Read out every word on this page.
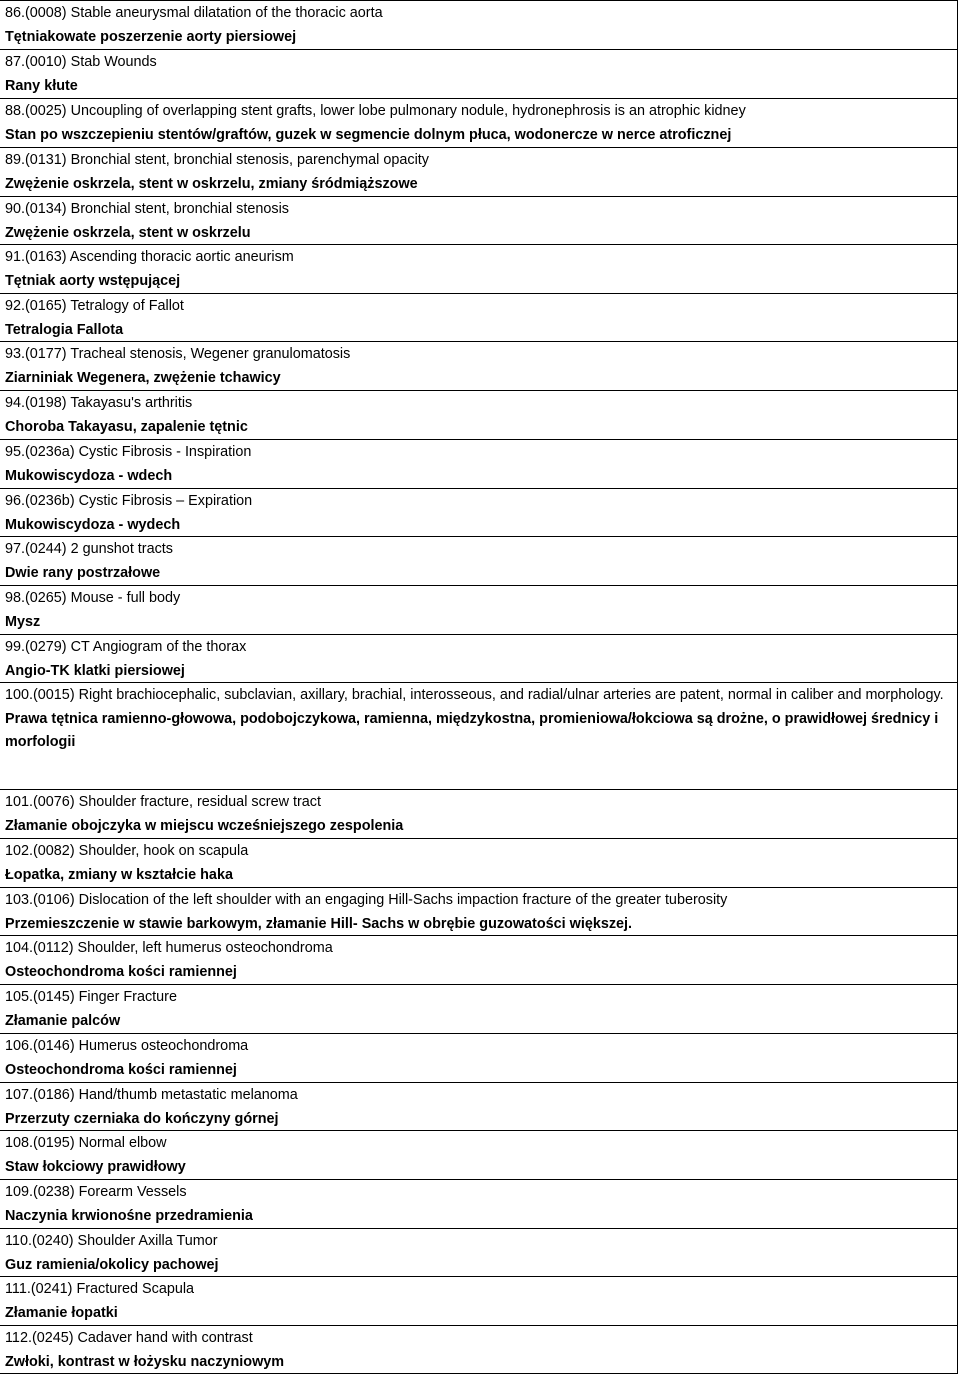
86.(0008) Stable aneurysmal dilatation of the thoracic aorta
Tętniakowate poszerzenie aorty piersiowej
87.(0010) Stab Wounds
Rany kłute
88.(0025) Uncoupling of overlapping stent grafts, lower lobe pulmonary nodule, hydronephrosis is an atrophic kidney
Stan po wszczepieniu stentów/graftów, guzek w segmencie dolnym płuca, wodonercze w nerce atroficznej
89.(0131) Bronchial stent, bronchial stenosis, parenchymal opacity
Zwężenie oskrzela, stent w oskrzelu, zmiany śródmiąższowe
90.(0134) Bronchial stent, bronchial stenosis
Zwężenie oskrzela, stent w oskrzelu
91.(0163) Ascending thoracic aortic aneurism
Tętniak aorty wstępującej
92.(0165) Tetralogy of Fallot
Tetralogia Fallota
93.(0177) Tracheal stenosis, Wegener granulomatosis
Ziarniniak Wegenera, zwężenie tchawicy
94.(0198) Takayasu's arthritis
Choroba Takayasu, zapalenie tętnic
95.(0236a) Cystic Fibrosis - Inspiration
Mukowiscydoza - wdech
96.(0236b) Cystic Fibrosis – Expiration
Mukowiscydoza - wydech
97.(0244) 2 gunshot tracts
Dwie rany postrzałowe
98.(0265) Mouse - full body
Mysz
99.(0279) CT Angiogram of the thorax
Angio-TK klatki piersiowej
100.(0015) Right brachiocephalic, subclavian, axillary, brachial, interosseous, and radial/ulnar arteries are patent, normal in caliber and morphology.
Prawa tętnica ramienno-głowowa, podobojczykowa, ramienna, międzykostna, promieniowa/łokciowa są drożne, o prawidłowej średnicy i morfologii
101.(0076) Shoulder fracture, residual screw tract
Złamanie obojczyka w miejscu wcześniejszego zespolenia
102.(0082) Shoulder, hook on scapula
Łopatka, zmiany w kształcie haka
103.(0106) Dislocation of the left shoulder with an engaging Hill-Sachs impaction fracture of the greater tuberosity
Przemieszczenie w stawie barkowym, złamanie Hill- Sachs w obrębie guzowatości większej.
104.(0112) Shoulder, left humerus osteochondroma
Osteochondroma kości ramiennej
105.(0145) Finger Fracture
Złamanie palców
106.(0146) Humerus osteochondroma
Osteochondroma kości ramiennej
107.(0186) Hand/thumb metastatic melanoma
Przerzuty czerniaka do kończyny górnej
108.(0195) Normal elbow
Staw łokciowy prawidłowy
109.(0238) Forearm Vessels
Naczynia krwionośne przedramienia
110.(0240) Shoulder Axilla Tumor
Guz ramienia/okolicy pachowej
111.(0241) Fractured Scapula
Złamanie łopatki
112.(0245) Cadaver hand with contrast
Zwłoki, kontrast w łożysku naczyniowym
